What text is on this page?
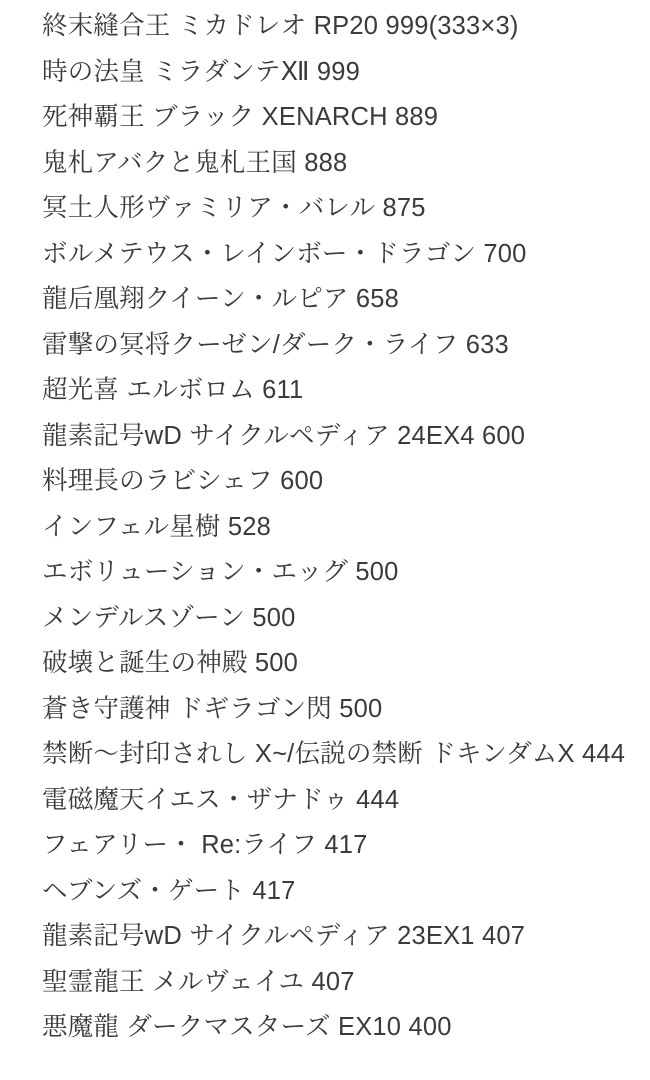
終末縫合王 ミカドレオ RP20 999(333×3)
時の法皇 ミラダンテⅫ 999
死神覇王 ブラック XENARCH 889
鬼札アバクと鬼札王国 888
冥土人形ヴァミリア・バレル 875
ボルメテウス・レインボー・ドラゴン 700
龍后凰翔クイーン・ルピア 658
雷撃の冥将クーゼン/ダーク・ライフ 633
超光喜 エルボロム 611
龍素記号wD サイクルペディア 24EX4 600
料理長のラビシェフ 600
インフェル星樹 528
エボリューション・エッグ 500
メンデルスゾーン 500
破壊と誕生の神殿 500
蒼き守護神 ドギラゴン閃 500
禁断～封印されし X~/伝説の禁断 ドキンダムX 444
電磁魔天イエス・ザナドゥ 444
フェアリー・ Re:ライフ 417
ヘブンズ・ゲート 417
龍素記号wD サイクルペディア 23EX1 407
聖霊龍王 メルヴェイユ 407
悪魔龍 ダークマスターズ EX10 400
